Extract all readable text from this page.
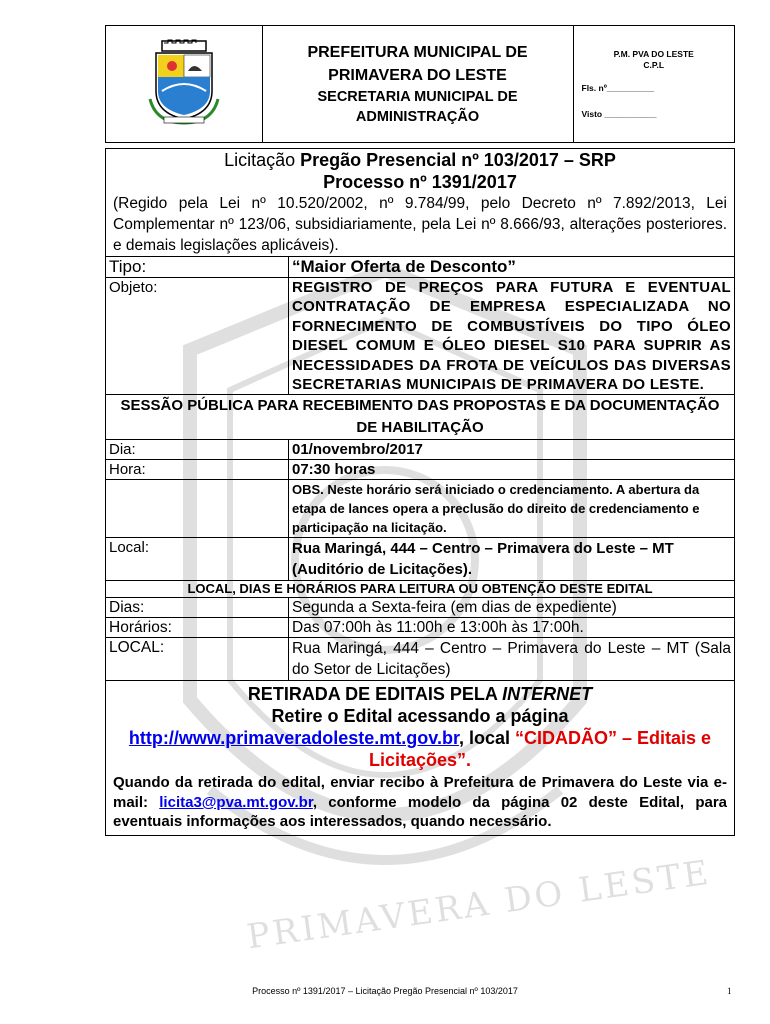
PRIMAVERA DO LESTE

PREFEITURA MUNICIPAL DE
PRIMAVERA DO LESTE
SECRETARIA MUNICIPAL DE
ADMINISTRAÇÃO

P.M. PVA DO LESTE
C.P.L
Fls. nº__________
Visto ___________
Licitação Pregão Presencial nº 103/2017 – SRP
Processo nº 1391/2017
(Regido pela Lei nº 10.520/2002, nº 9.784/99, pelo Decreto nº 7.892/2013, Lei Complementar nº 123/06, subsidiariamente, pela Lei nº 8.666/93, alterações posteriores. e demais legislações aplicáveis).	

Tipo:	“Maior Oferta de Desconto”
Objeto:	REGISTRO DE PREÇOS PARA FUTURA E EVENTUAL CONTRATAÇÃO DE EMPRESA ESPECIALIZADA NO FORNECIMENTO DE COMBUSTÍVEIS DO TIPO ÓLEO DIESEL COMUM E ÓLEO DIESEL S10 PARA SUPRIR AS NECESSIDADES DA FROTA DE VEÍCULOS DAS DIVERSAS SECRETARIAS MUNICIPAIS DE PRIMAVERA DO LESTE.
SESSÃO PÚBLICA PARA RECEBIMENTO DAS PROPOSTAS E DA DOCUMENTAÇÃO DE HABILITAÇÃO	
Dia:	01/novembro/2017
Hora:	07:30 horas
	OBS. Neste horário será iniciado o credenciamento. A abertura da etapa de lances opera a preclusão do direito de credenciamento e participação na licitação.
Local:	Rua Maringá, 444 – Centro – Primavera do Leste – MT (Auditório de Licitações).
LOCAL, DIAS E HORÁRIOS PARA LEITURA OU OBTENÇÃO DESTE EDITAL	
Dias:	Segunda a Sexta-feira (em dias de expediente)
Horários:	Das 07:00h às 11:00h e 13:00h às 17:00h.
LOCAL:	Rua Maringá, 444 – Centro – Primavera do Leste – MT (Sala do Setor de Licitações)

RETIRADA DE EDITAIS PELA INTERNET
Retire o Edital acessando a página
http://www.primaveradoleste.mt.gov.br, local “CIDADÃO” – Editais e Licitações”.
Quando da retirada do edital, enviar recibo à Prefeitura de Primavera do Leste via e-mail: licita3@pva.mt.gov.br, conforme modelo da página 02 deste Edital, para eventuais informações aos interessados, quando necessário.	
Processo nº 1391/2017 – Licitação Pregão Presencial nº 103/2017	1
